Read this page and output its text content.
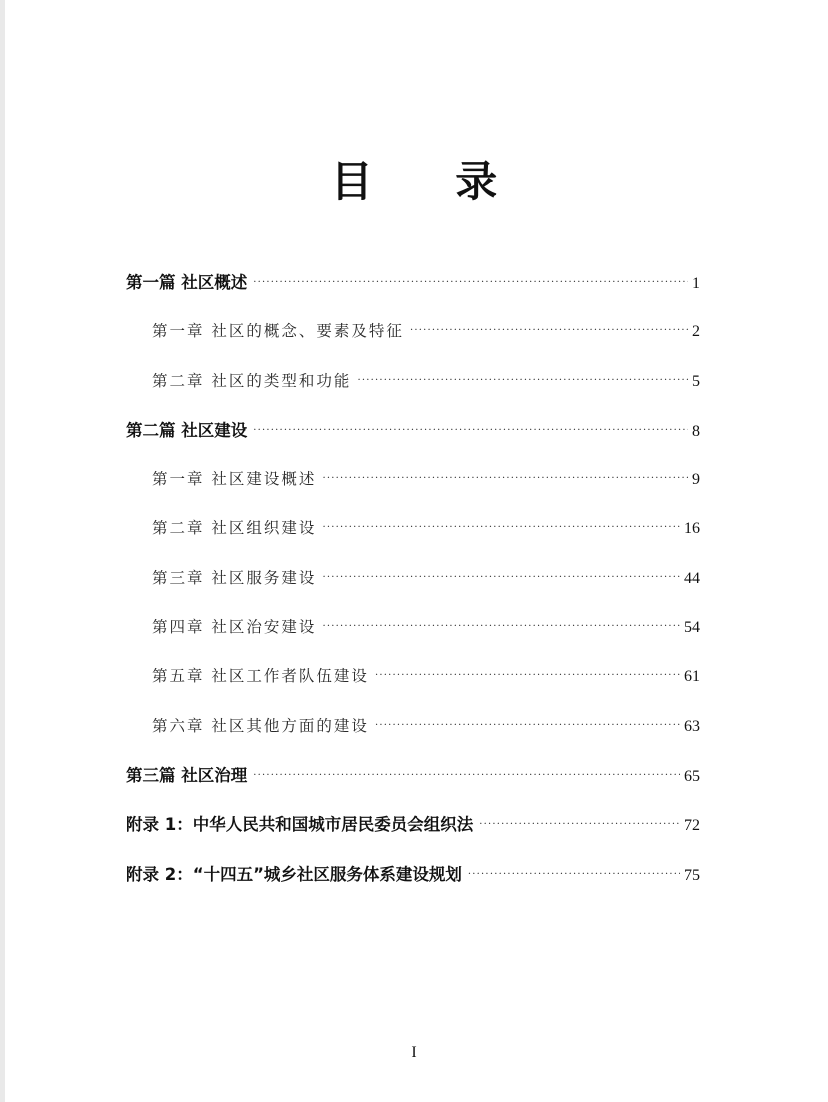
目 录
第一篇 社区概述 ·····	1
第一章 社区的概念、要素及特征 ·····	2
第二章 社区的类型和功能 ·····	5
第二篇 社区建设 ·····	8
第一章 社区建设概述 ·····	9
第二章 社区组织建设 ·····	16
第三章 社区服务建设 ·····	44
第四章 社区治安建设 ·····	54
第五章 社区工作者队伍建设 ·····	61
第六章 社区其他方面的建设 ·····	63
第三篇 社区治理 ·····	65
附录 1：中华人民共和国城市居民委员会组织法 ·····	72
附录 2：“十四五”城乡社区服务体系建设规划 ·····	75
I
